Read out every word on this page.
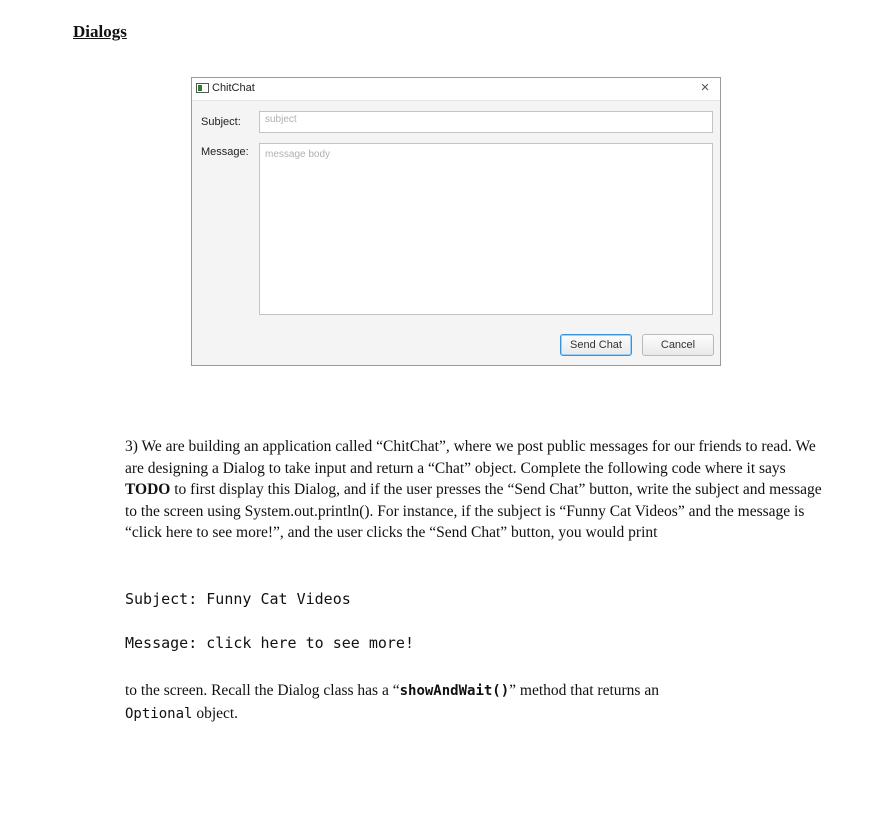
Dialogs
ChitChat	×
Subject:	subject
Message:	message body
Send Chat	Cancel
3) We are building an application called “ChitChat”, where we post public messages for our friends to read. We are designing a Dialog to take input and return a “Chat” object. Complete the following code where it says TODO to first display this Dialog, and if the user presses the “Send Chat” button, write the subject and message to the screen using System.out.println(). For instance, if the subject is “Funny Cat Videos” and the message is “click here to see more!”, and the user clicks the “Send Chat” button, you would print
Subject: Funny Cat Videos
Message: click here to see more!
to the screen. Recall the Dialog class has a “showAndWait()” method that returns an
Optional object.
